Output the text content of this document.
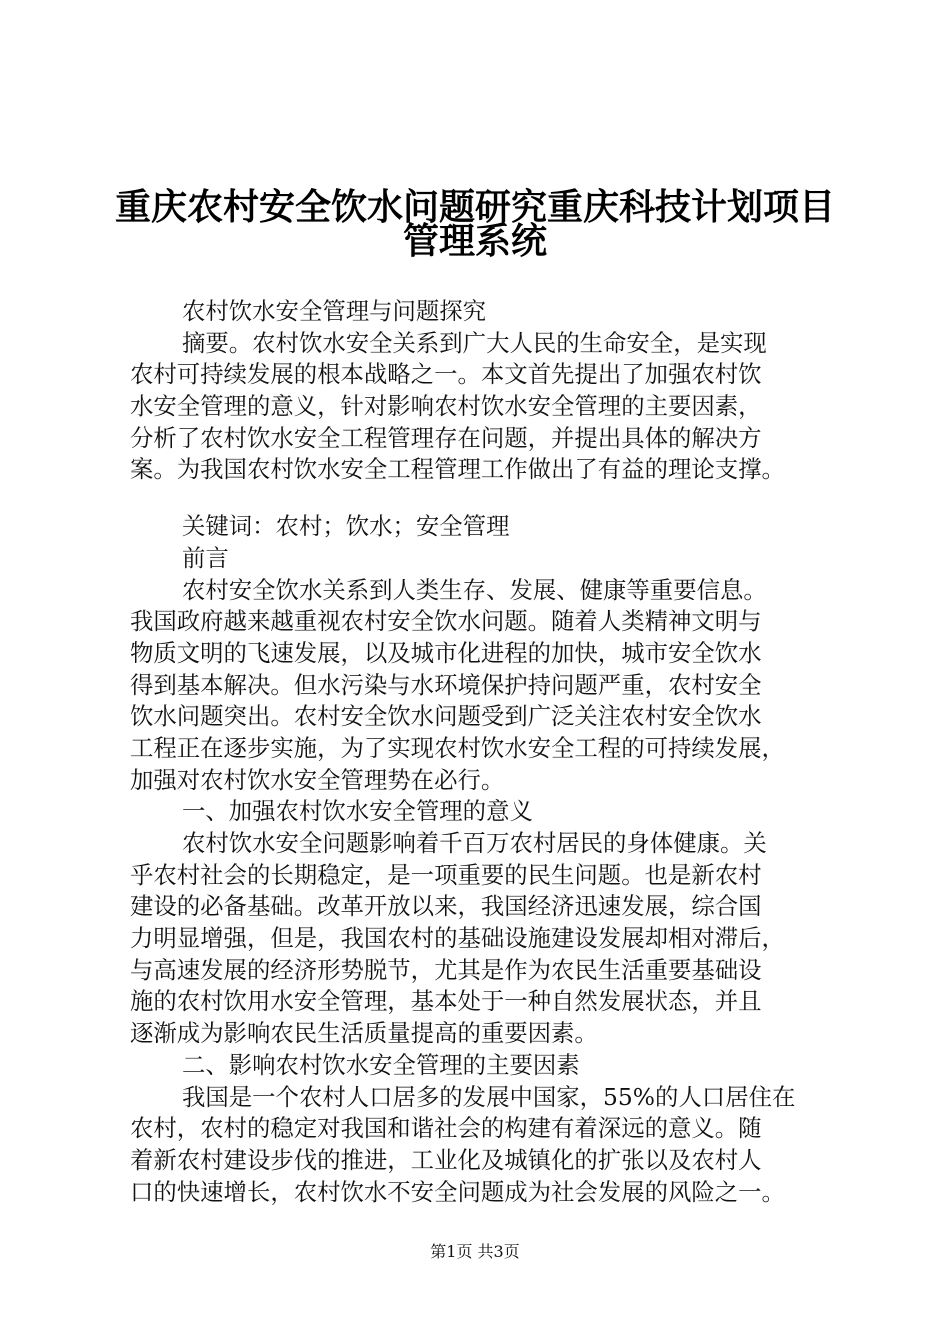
重庆农村安全饮水问题研究重庆科技计划项目
管理系统
农村饮水安全管理与问题探究
摘要。农村饮水安全关系到广大人民的生命安全，是实现
农村可持续发展的根本战略之一。本文首先提出了加强农村饮
水安全管理的意义，针对影响农村饮水安全管理的主要因素，
分析了农村饮水安全工程管理存在问题，并提出具体的解决方
案。为我国农村饮水安全工程管理工作做出了有益的理论支撑。
关键词：农村；饮水；安全管理
前言
农村安全饮水关系到人类生存、发展、健康等重要信息。
我国政府越来越重视农村安全饮水问题。随着人类精神文明与
物质文明的飞速发展，以及城市化进程的加快，城市安全饮水
得到基本解决。但水污染与水环境保护持问题严重，农村安全
饮水问题突出。农村安全饮水问题受到广泛关注农村安全饮水
工程正在逐步实施，为了实现农村饮水安全工程的可持续发展，
加强对农村饮水安全管理势在必行。
一、加强农村饮水安全管理的意义
农村饮水安全问题影响着千百万农村居民的身体健康。关
乎农村社会的长期稳定，是一项重要的民生问题。也是新农村
建设的必备基础。改革开放以来，我国经济迅速发展，综合国
力明显增强，但是，我国农村的基础设施建设发展却相对滞后，
与高速发展的经济形势脱节，尤其是作为农民生活重要基础设
施的农村饮用水安全管理，基本处于一种自然发展状态，并且
逐渐成为影响农民生活质量提高的重要因素。
二、影响农村饮水安全管理的主要因素
我国是一个农村人口居多的发展中国家，55%的人口居住在
农村，农村的稳定对我国和谐社会的构建有着深远的意义。随
着新农村建设步伐的推进，工业化及城镇化的扩张以及农村人
口的快速增长，农村饮水不安全问题成为社会发展的风险之一。
第1页 共3页
